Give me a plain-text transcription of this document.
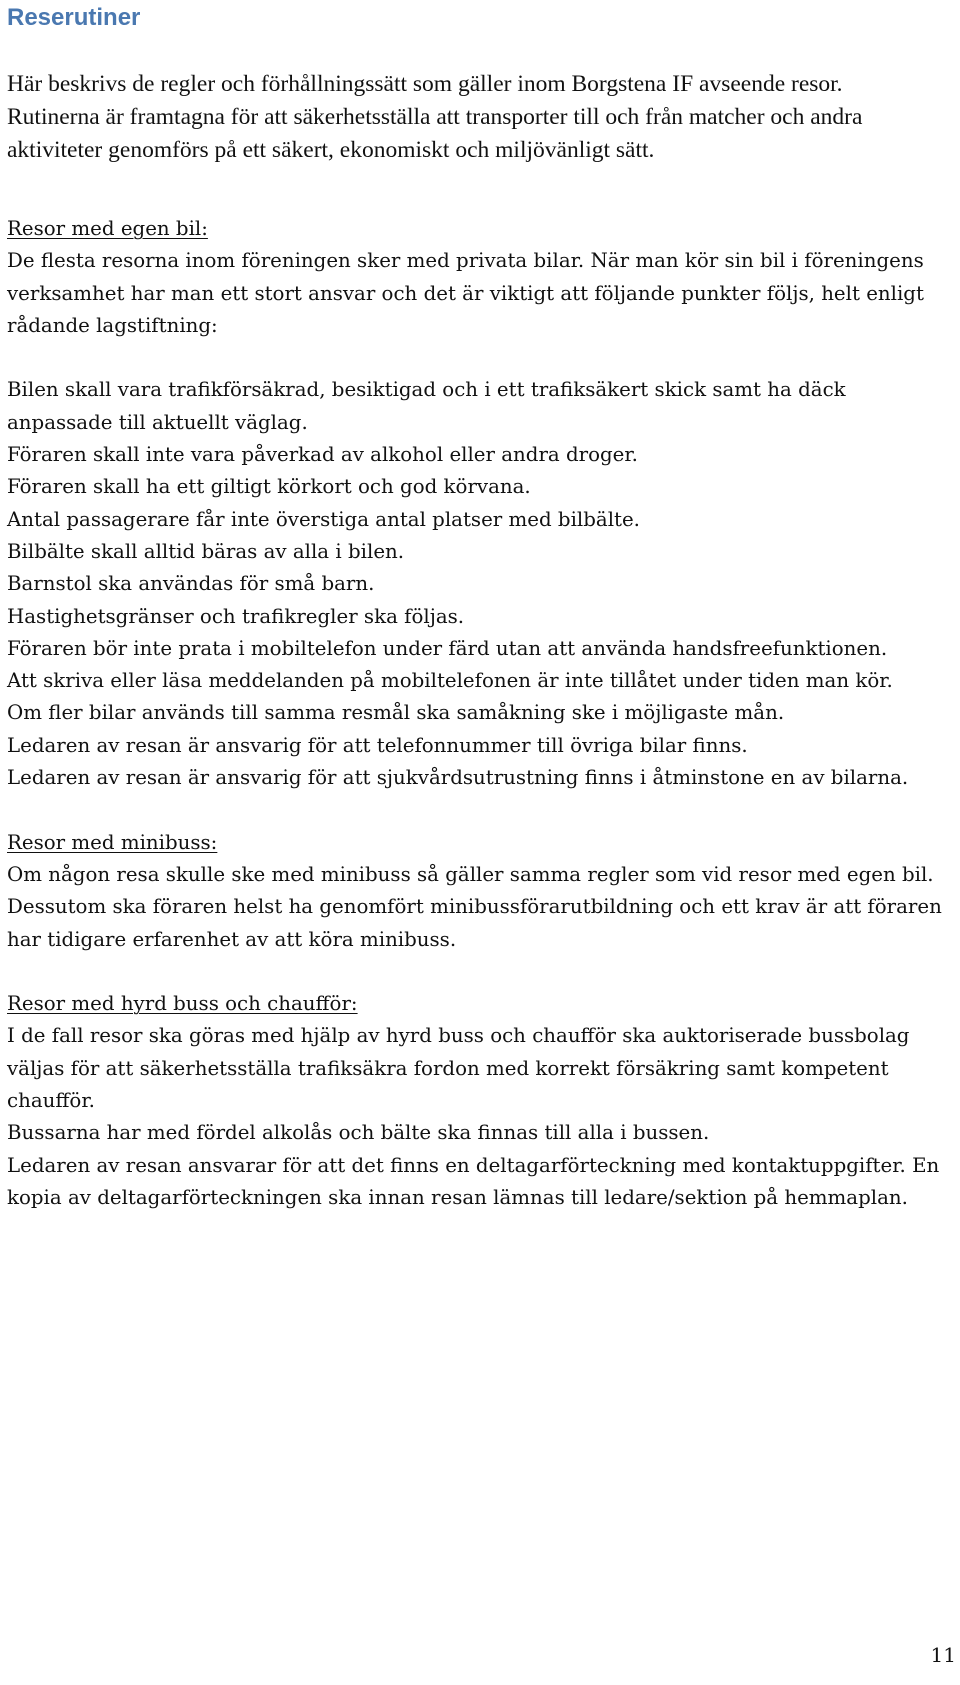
Reserutiner

Här beskrivs de regler och förhållningssätt som gäller inom Borgstena IF avseende resor. Rutinerna är framtagna för att säkerhetsställa att transporter till och från matcher och andra aktiviteter genomförs på ett säkert, ekonomiskt och miljövänligt sätt.

Resor med egen bil:

De flesta resorna inom föreningen sker med privata bilar. När man kör sin bil i föreningens verksamhet har man ett stort ansvar och det är viktigt att följande punkter följs, helt enligt rådande lagstiftning:

Bilen skall vara trafikförsäkrad, besiktigad och i ett trafiksäkert skick samt ha däck anpassade till aktuellt väglag.

Föraren skall inte vara påverkad av alkohol eller andra droger.

Föraren skall ha ett giltigt körkort och god körvana.

Antal passagerare får inte överstiga antal platser med bilbälte.

Bilbälte skall alltid bäras av alla i bilen.

Barnstol ska användas för små barn.

Hastighetsgränser och trafikregler ska följas.

Föraren bör inte prata i mobiltelefon under färd utan att använda handsfreefunktionen.

Att skriva eller läsa meddelanden på mobiltelefonen är inte tillåtet under tiden man kör.

Om fler bilar används till samma resmål ska samåkning ske i möjligaste mån.

Ledaren av resan är ansvarig för att telefonnummer till övriga bilar finns.

Ledaren av resan är ansvarig för att sjukvårdsutrustning finns i åtminstone en av bilarna.

Resor med minibuss:

Om någon resa skulle ske med minibuss så gäller samma regler som vid resor med egen bil.

Dessutom ska föraren helst ha genomfört minibussförarutbildning och ett krav är att föraren har tidigare erfarenhet av att köra minibuss.

Resor med hyrd buss och chaufför:

I de fall resor ska göras med hjälp av hyrd buss och chaufför ska auktoriserade bussbolag väljas för att säkerhetsställa trafiksäkra fordon med korrekt försäkring samt kompetent chaufför.

Bussarna har med fördel alkolås och bälte ska finnas till alla i bussen.

Ledaren av resan ansvarar för att det finns en deltagarförteckning med kontaktuppgifter. En kopia av deltagarförteckningen ska innan resan lämnas till ledare/sektion på hemmaplan.

11
